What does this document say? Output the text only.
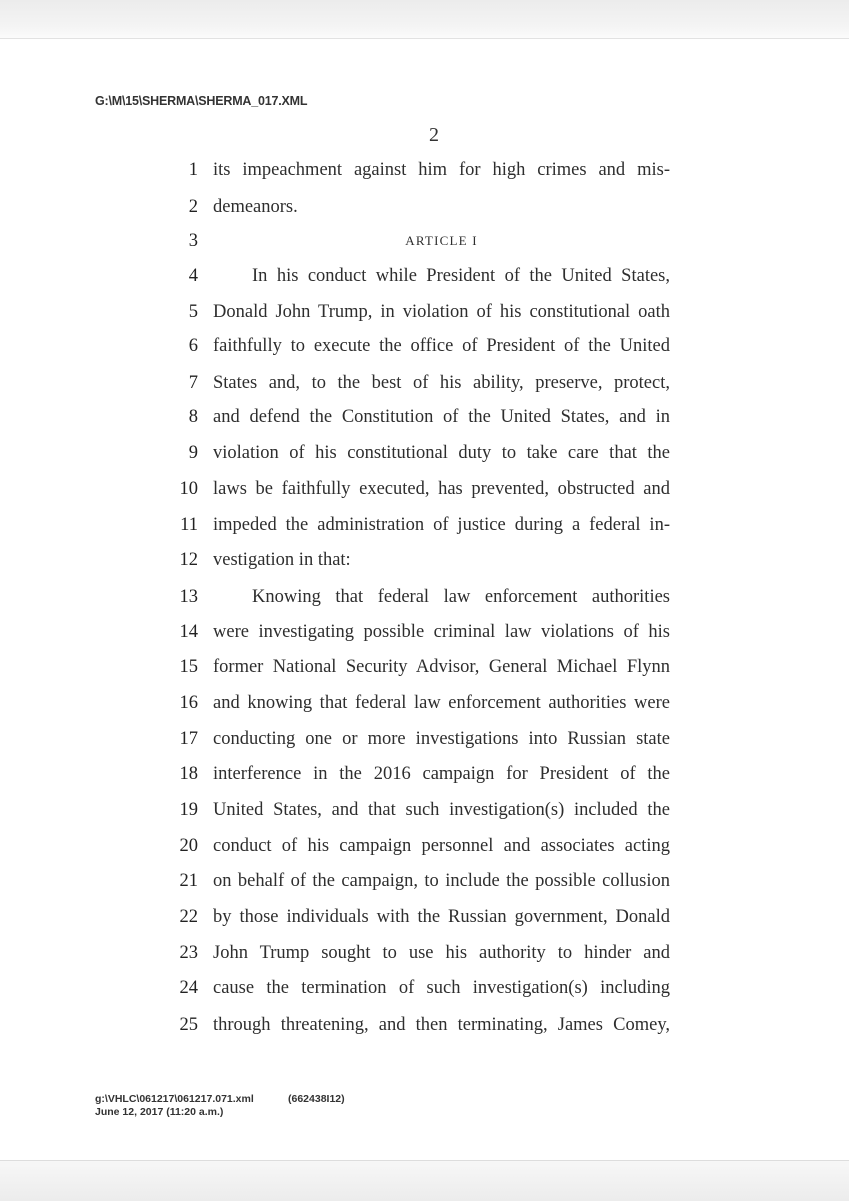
G:\M\15\SHERMA\SHERMA_017.XML
2
1 its impeachment against him for high crimes and mis-
2 demeanors.
3	ARTICLE I
4	In his conduct while President of the United States,
5 Donald John Trump, in violation of his constitutional oath
6 faithfully to execute the office of President of the United
7 States and, to the best of his ability, preserve, protect,
8 and defend the Constitution of the United States, and in
9 violation of his constitutional duty to take care that the
10 laws be faithfully executed, has prevented, obstructed and
11 impeded the administration of justice during a federal in-
12 vestigation in that:
13	Knowing that federal law enforcement authorities
14 were investigating possible criminal law violations of his
15 former National Security Advisor, General Michael Flynn
16 and knowing that federal law enforcement authorities were
17 conducting one or more investigations into Russian state
18 interference in the 2016 campaign for President of the
19 United States, and that such investigation(s) included the
20 conduct of his campaign personnel and associates acting
21 on behalf of the campaign, to include the possible collusion
22 by those individuals with the Russian government, Donald
23 John Trump sought to use his authority to hinder and
24 cause the termination of such investigation(s) including
25 through threatening, and then terminating, James Comey,
g:\VHLC\061217\061217.071.xml	(662438I12)
June 12, 2017 (11:20 a.m.)
